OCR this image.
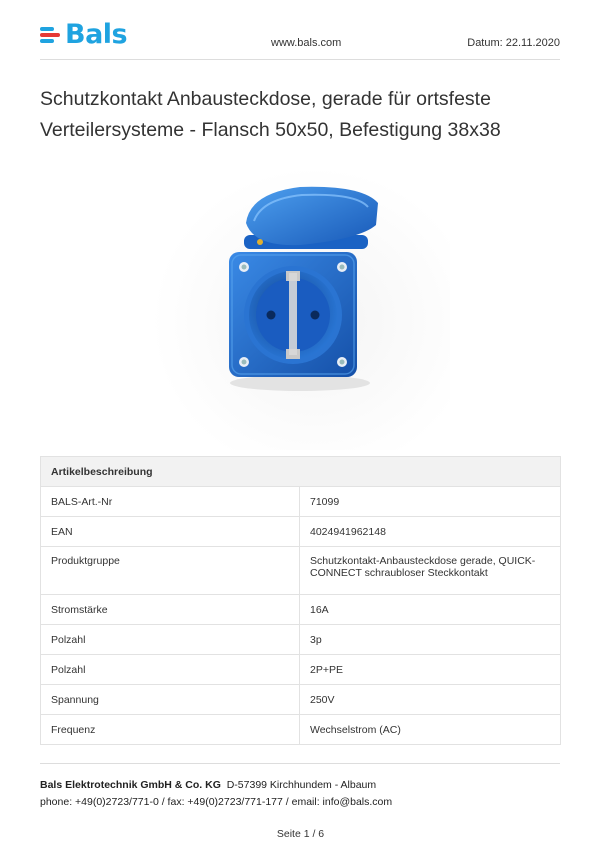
Bals	www.bals.com	Datum: 22.11.2020
Schutzkontakt Anbausteckdose, gerade für ortsfeste
Verteilersysteme - Flansch 50x50, Befestigung 38x38
Artikelbeschreibung	
BALS-Art.-Nr	71099
EAN	4024941962148
Produktgruppe	Schutzkontakt-Anbausteckdose gerade, QUICK-
CONNECT schraubloser Steckkontakt
Stromstärke	16A
Polzahl	3p
Polzahl	2P+PE
Spannung	250V
Frequenz	Wechselstrom (AC)
Bals Elektrotechnik GmbH & Co. KG D-57399 Kirchhundem - Albaum
phone: +49(0)2723/771-0 / fax: +49(0)2723/771-177 / email: info@bals.com
Seite 1 / 6
